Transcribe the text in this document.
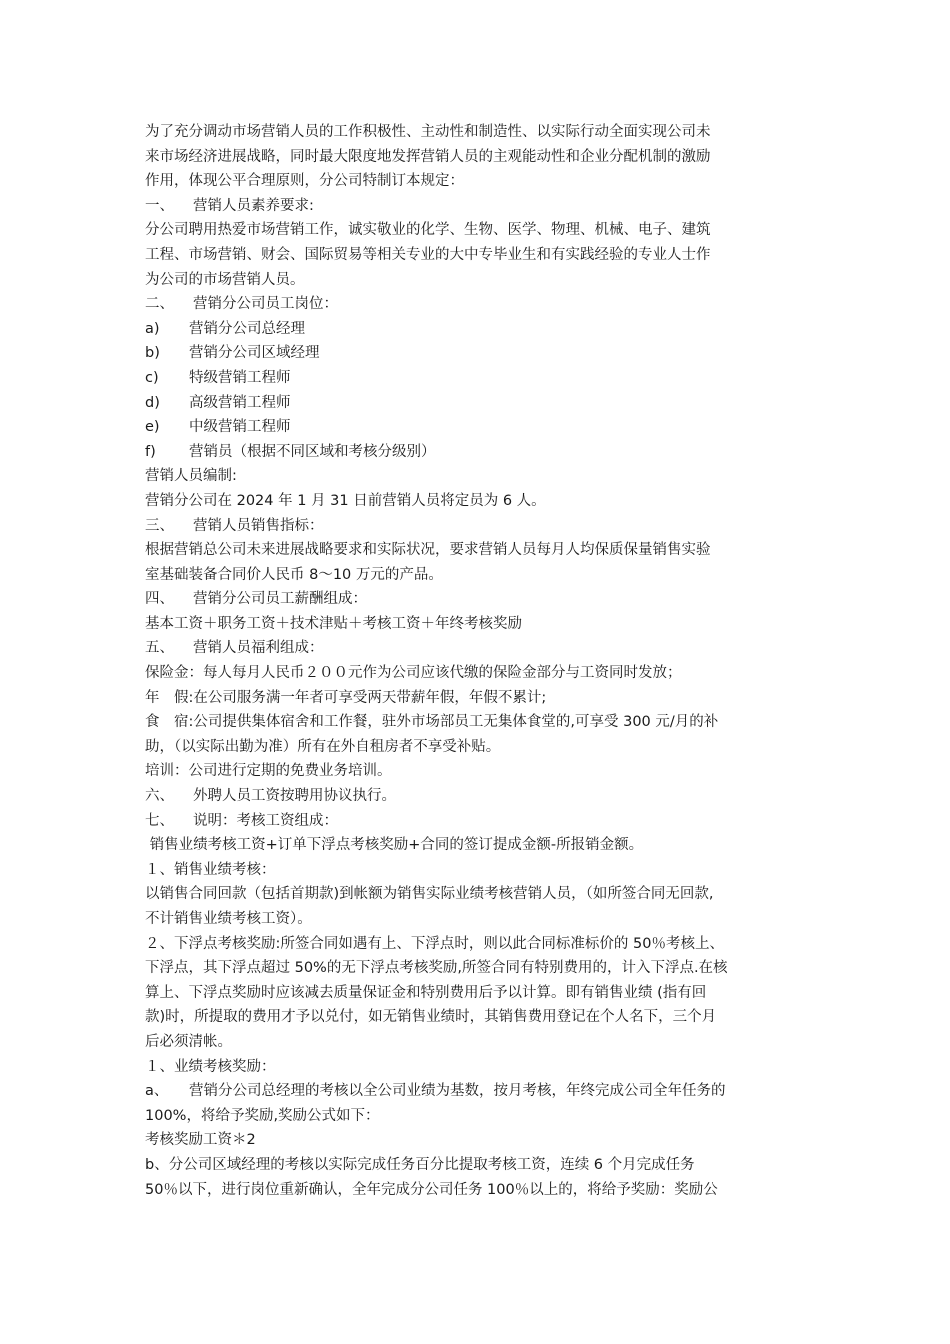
为了充分调动市场营销人员的工作积极性、主动性和制造性、以实际行动全面实现公司未
来市场经济进展战略，同时最大限度地发挥营销人员的主观能动性和企业分配机制的激励
作用，体现公平合理原则，分公司特制订本规定：
一、 营销人员素养要求:
分公司聘用热爱市场营销工作，诚实敬业的化学、生物、医学、物理、机械、电子、建筑
工程、市场营销、财会、国际贸易等相关专业的大中专毕业生和有实践经验的专业人士作
为公司的市场营销人员。
二、 营销分公司员工岗位：
a) 营销分公司总经理
b) 营销分公司区域经理
c) 特级营销工程师
d) 高级营销工程师
e) 中级营销工程师
f) 营销员（根据不同区域和考核分级别）
营销人员编制:
营销分公司在 2024 年 1 月 31 日前营销人员将定员为 6 人。
三、 营销人员销售指标：
根据营销总公司未来进展战略要求和实际状况，要求营销人员每月人均保质保量销售实验
室基础装备合同价人民币 8～10 万元的产品。
四、 营销分公司员工薪酬组成：
基本工资＋职务工资＋技术津贴＋考核工资＋年终考核奖励
五、 营销人员福利组成：
保险金：每人每月人民币２００元作为公司应该代缴的保险金部分与工资同时发放；
年　假:在公司服务满一年者可享受两天带薪年假，年假不累计;
食　宿:公司提供集体宿舍和工作餐，驻外市场部员工无集体食堂的,可享受 300 元/月的补
助，（以实际出勤为准）所有在外自租房者不享受补贴。
培训：公司进行定期的免费业务培训。
六、 外聘人员工资按聘用协议执行。
七、 说明：考核工资组成：
销售业绩考核工资+订单下浮点考核奖励+合同的签订提成金额-所报销金额。
１、销售业绩考核：
以销售合同回款（包括首期款)到帐额为销售实际业绩考核营销人员，（如所签合同无回款,
不计销售业绩考核工资）。
２、下浮点考核奖励:所签合同如遇有上、下浮点时，则以此合同标准标价的 50％考核上、
下浮点，其下浮点超过 50%的无下浮点考核奖励,所签合同有特别费用的，计入下浮点.在核
算上、下浮点奖励时应该减去质量保证金和特别费用后予以计算。即有销售业绩 (指有回
款)时，所提取的费用才予以兑付，如无销售业绩时，其销售费用登记在个人名下，三个月
后必须清帐。
１、业绩考核奖励：
a、 营销分公司总经理的考核以全公司业绩为基数，按月考核，年终完成公司全年任务的
100%，将给予奖励,奖励公式如下：
考核奖励工资＊2
b、分公司区域经理的考核以实际完成任务百分比提取考核工资，连续 6 个月完成任务
50％以下，进行岗位重新确认，全年完成分公司任务 100％以上的，将给予奖励：奖励公
